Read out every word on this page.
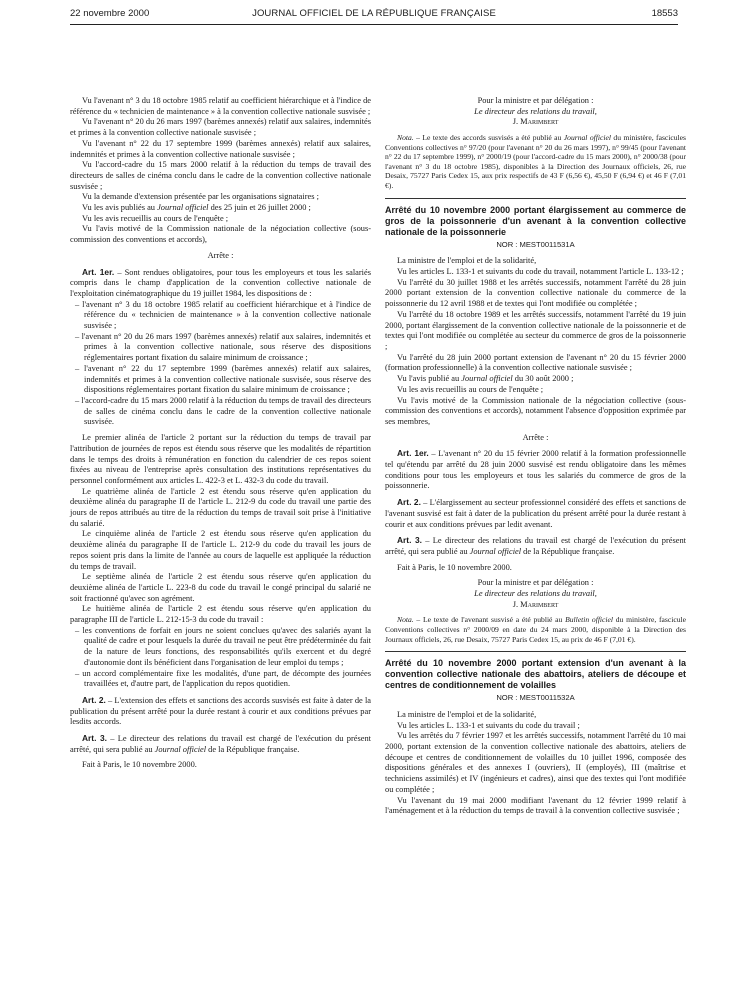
22 novembre 2000	JOURNAL OFFICIEL DE LA RÉPUBLIQUE FRANÇAISE	18553

Vu l'avenant n° 3 du 18 octobre 1985 relatif au coefficient hiérarchique et à l'indice de référence du « technicien de maintenance » à la convention collective nationale susvisée ;

Vu l'avenant n° 20 du 26 mars 1997 (barèmes annexés) relatif aux salaires, indemnités et primes à la convention collective nationale susvisée ;

Vu l'avenant n° 22 du 17 septembre 1999 (barèmes annexés) relatif aux salaires, indemnités et primes à la convention collective nationale susvisée ;

Vu l'accord-cadre du 15 mars 2000 relatif à la réduction du temps de travail des directeurs de salles de cinéma conclu dans le cadre de la convention collective nationale susvisée ;

Vu la demande d'extension présentée par les organisations signataires ;

Vu les avis publiés au Journal officiel des 25 juin et 26 juillet 2000 ;

Vu les avis recueillis au cours de l'enquête ;

Vu l'avis motivé de la Commission nationale de la négociation collective (sous-commission des conventions et accords),

Arrête :

Art. 1er. – Sont rendues obligatoires, pour tous les employeurs et tous les salariés compris dans le champ d'application de la convention collective nationale de l'exploitation cinématographique du 19 juillet 1984, les dispositions de :

– l'avenant n° 3 du 18 octobre 1985 relatif au coefficient hiérarchique et à l'indice de référence du « technicien de maintenance » à la convention collective nationale susvisée ;

– l'avenant n° 20 du 26 mars 1997 (barèmes annexés) relatif aux salaires, indemnités et primes à la convention collective nationale, sous réserve des dispositions réglementaires portant fixation du salaire minimum de croissance ;

– l'avenant n° 22 du 17 septembre 1999 (barèmes annexés) relatif aux salaires, indemnités et primes à la convention collective nationale susvisée, sous réserve des dispositions réglementaires portant fixation du salaire minimum de croissance ;

– l'accord-cadre du 15 mars 2000 relatif à la réduction du temps de travail des directeurs de salles de cinéma conclu dans le cadre de la convention collective nationale susvisée.

Le premier alinéa de l'article 2 portant sur la réduction du temps de travail par l'attribution de journées de repos est étendu sous réserve que les modalités de répartition dans le temps des droits à rémunération en fonction du calendrier de ces repos soient fixées au niveau de l'entreprise après consultation des institutions représentatives du personnel conformément aux articles L. 422-3 et L. 432-3 du code du travail.

Le quatrième alinéa de l'article 2 est étendu sous réserve qu'en application du deuxième alinéa du paragraphe II de l'article L. 212-9 du code du travail une partie des jours de repos attribués au titre de la réduction du temps de travail soit prise à l'initiative du salarié.

Le cinquième alinéa de l'article 2 est étendu sous réserve qu'en application du deuxième alinéa du paragraphe II de l'article L. 212-9 du code du travail les jours de repos soient pris dans la limite de l'année au cours de laquelle est appliquée la réduction du temps de travail.

Le septième alinéa de l'article 2 est étendu sous réserve qu'en application du deuxième alinéa de l'article L. 223-8 du code du travail le congé principal du salarié ne soit fractionné qu'avec son agrément.

Le huitième alinéa de l'article 2 est étendu sous réserve qu'en application du paragraphe III de l'article L. 212-15-3 du code du travail :

– les conventions de forfait en jours ne soient conclues qu'avec des salariés ayant la qualité de cadre et pour lesquels la durée du travail ne peut être prédéterminée du fait de la nature de leurs fonctions, des responsabilités qu'ils exercent et du degré d'autonomie dont ils bénéficient dans l'organisation de leur emploi du temps ;

– un accord complémentaire fixe les modalités, d'une part, de décompte des journées travaillées et, d'autre part, de l'application du repos quotidien.

Art. 2. – L'extension des effets et sanctions des accords susvisés est faite à dater de la publication du présent arrêté pour la durée restant à courir et aux conditions prévues par lesdits accords.

Art. 3. – Le directeur des relations du travail est chargé de l'exécution du présent arrêté, qui sera publié au Journal officiel de la République française.

Fait à Paris, le 10 novembre 2000.

Pour la ministre et par délégation :

Le directeur des relations du travail,

J. Marimbert

Nota. – Le texte des accords susvisés a été publié au Journal officiel du ministère, fascicules Conventions collectives n° 97/20 (pour l'avenant n° 20 du 26 mars 1997), n° 99/45 (pour l'avenant n° 22 du 17 septembre 1999), n° 2000/19 (pour l'accord-cadre du 15 mars 2000), n° 2000/38 (pour l'avenant n° 3 du 18 octobre 1985), disponibles à la Direction des Journaux officiels, 26, rue Desaix, 75727 Paris Cedex 15, aux prix respectifs de 43 F (6,56 €), 45,50 F (6,94 €) et 46 F (7,01 €).

Arrêté du 10 novembre 2000 portant élargissement au commerce de gros de la poissonnerie d'un avenant à la convention collective nationale de la poissonnerie

NOR : MEST0011531A

La ministre de l'emploi et de la solidarité,

Vu les articles L. 133-1 et suivants du code du travail, notamment l'article L. 133-12 ;

Vu l'arrêté du 30 juillet 1988 et les arrêtés successifs, notamment l'arrêté du 28 juin 2000 portant extension de la convention collective nationale du commerce de la poissonnerie du 12 avril 1988 et de textes qui l'ont modifiée ou complétée ;

Vu l'arrêté du 18 octobre 1989 et les arrêtés successifs, notamment l'arrêté du 19 juin 2000, portant élargissement de la convention collective nationale de la poissonnerie et de textes qui l'ont modifiée ou complétée au secteur du commerce de gros de la poissonnerie ;

Vu l'arrêté du 28 juin 2000 portant extension de l'avenant n° 20 du 15 février 2000 (formation professionnelle) à la convention collective nationale susvisée ;

Vu l'avis publié au Journal officiel du 30 août 2000 ;

Vu les avis recueillis au cours de l'enquête ;

Vu l'avis motivé de la Commission nationale de la négociation collective (sous-commission des conventions et accords), notamment l'absence d'opposition exprimée par ses membres,

Arrête :

Art. 1er. – L'avenant n° 20 du 15 février 2000 relatif à la formation professionnelle tel qu'étendu par arrêté du 28 juin 2000 susvisé est rendu obligatoire dans les mêmes conditions pour tous les employeurs et tous les salariés du commerce de gros de la poissonnerie.

Art. 2. – L'élargissement au secteur professionnel considéré des effets et sanctions de l'avenant susvisé est fait à dater de la publication du présent arrêté pour la durée restant à courir et aux conditions prévues par ledit avenant.

Art. 3. – Le directeur des relations du travail est chargé de l'exécution du présent arrêté, qui sera publié au Journal officiel de la République française.

Fait à Paris, le 10 novembre 2000.

Pour la ministre et par délégation :

Le directeur des relations du travail,

J. Marimbert

Nota. – Le texte de l'avenant susvisé a été publié au Bulletin officiel du ministère, fascicule Conventions collectives n° 2000/09 en date du 24 mars 2000, disponible à la Direction des Journaux officiels, 26, rue Desaix, 75727 Paris Cedex 15, au prix de 46 F (7,01 €).

Arrêté du 10 novembre 2000 portant extension d'un avenant à la convention collective nationale des abattoirs, ateliers de découpe et centres de conditionnement de volailles

NOR : MEST0011532A

La ministre de l'emploi et de la solidarité,

Vu les articles L. 133-1 et suivants du code du travail ;

Vu les arrêtés du 7 février 1997 et les arrêtés successifs, notamment l'arrêté du 10 mai 2000, portant extension de la convention collective nationale des abattoirs, ateliers de découpe et centres de conditionnement de volailles du 10 juillet 1996, composée des dispositions générales et des annexes I (ouvriers), II (employés), III (maîtrise et techniciens assimilés) et IV (ingénieurs et cadres), ainsi que des textes qui l'ont modifiée ou complétée ;

Vu l'avenant du 19 mai 2000 modifiant l'avenant du 12 février 1999 relatif à l'aménagement et à la réduction du temps de travail à la convention collective susvisée ;
